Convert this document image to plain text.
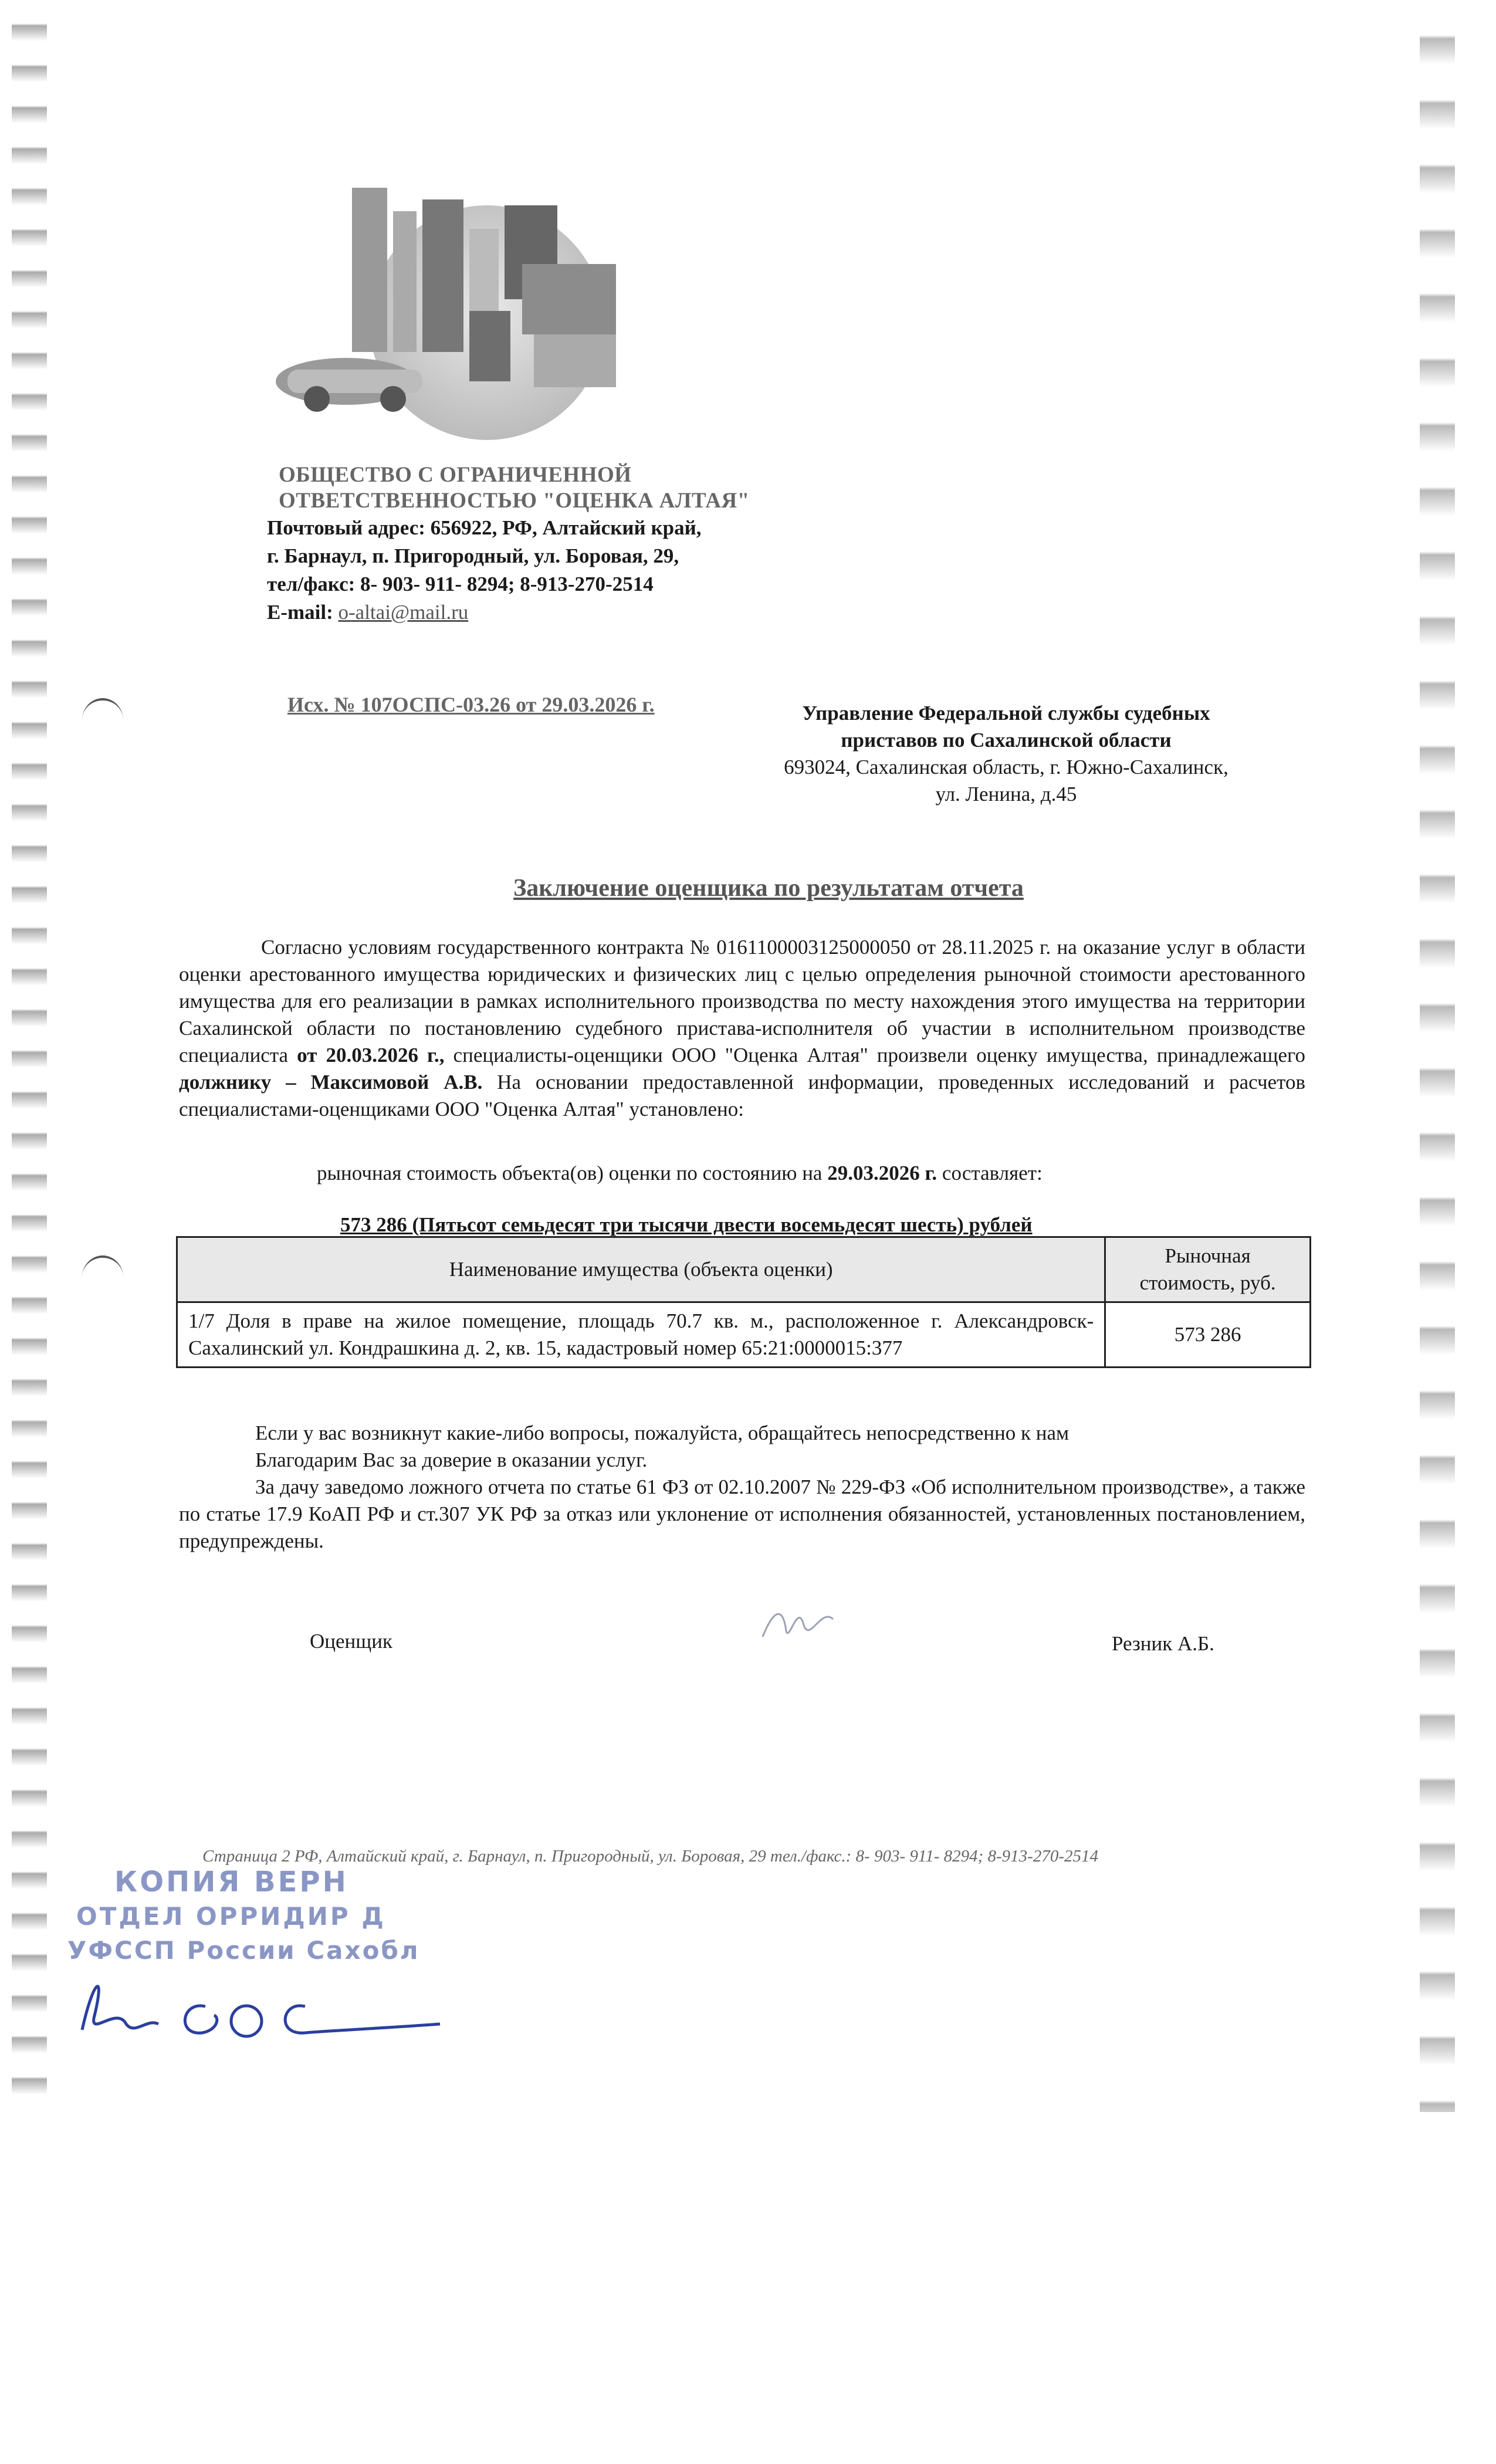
ОБЩЕСТВО С ОГРАНИЧЕННОЙ
ОТВЕТСТВЕННОСТЬЮ "ОЦЕНКА АЛТАЯ"
Почтовый адрес: 656922, РФ, Алтайский край,
г. Барнаул, п. Пригородный, ул. Боровая, 29,
тел/факс: 8- 903- 911- 8294; 8-913-270-2514
E-mail: o-altai@mail.ru
Исх. № 107ОСПС-03.26 от 29.03.2026 г.	Управление Федеральной службы судебных
приставов по Сахалинской области
693024, Сахалинская область, г. Южно-Сахалинск,
ул. Ленина, д.45
Заключение оценщика по результатам отчета
Согласно условиям государственного контракта № 0161100003125000050 от 28.11.2025 г. на оказание услуг в области оценки арестованного имущества юридических и физических лиц с целью определения рыночной стоимости арестованного имущества для его реализации в рамках исполнительного производства по месту нахождения этого имущества на территории Сахалинской области по постановлению судебного пристава-исполнителя об участии в исполнительном производстве специалиста от 20.03.2026 г., специалисты-оценщики ООО "Оценка Алтая" произвели оценку имущества, принадлежащего должнику – Максимовой А.В. На основании предоставленной информации, проведенных исследований и расчетов специалистами-оценщиками ООО "Оценка Алтая" установлено:
рыночная стоимость объекта(ов) оценки по состоянию на 29.03.2026 г. составляет:
573 286 (Пятьсот семьдесят три тысячи двести восемьдесят шесть) рублей
Наименование имущества (объекта оценки)	Рыночная стоимость, руб.
1/7 Доля в праве на жилое помещение, площадь 70.7 кв. м., расположенное г. Александровск-Сахалинский ул. Кондрашкина д. 2, кв. 15, кадастровый номер 65:21:0000015:377	573 286

Если у вас возникнут какие-либо вопросы, пожалуйста, обращайтесь непосредственно к нам

Благодарим Вас за доверие в оказании услуг.

За дачу заведомо ложного отчета по статье 61 ФЗ от 02.10.2007 № 229-ФЗ «Об исполнительном производстве», а также по статье 17.9 КоАП РФ и ст.307 УК РФ за отказ или уклонение от исполнения обязанностей, установленных постановлением, предупреждены.

Оценщик	Резник А.Б.
Страница 2 РФ, Алтайский край, г. Барнаул, п. Пригородный, ул. Боровая, 29 тел./факс.: 8- 903- 911- 8294; 8-913-270-2514
КОПИЯ ВЕРН
ОТДЕЛ ОРРИДИР Д
УФССП России Сахобл
